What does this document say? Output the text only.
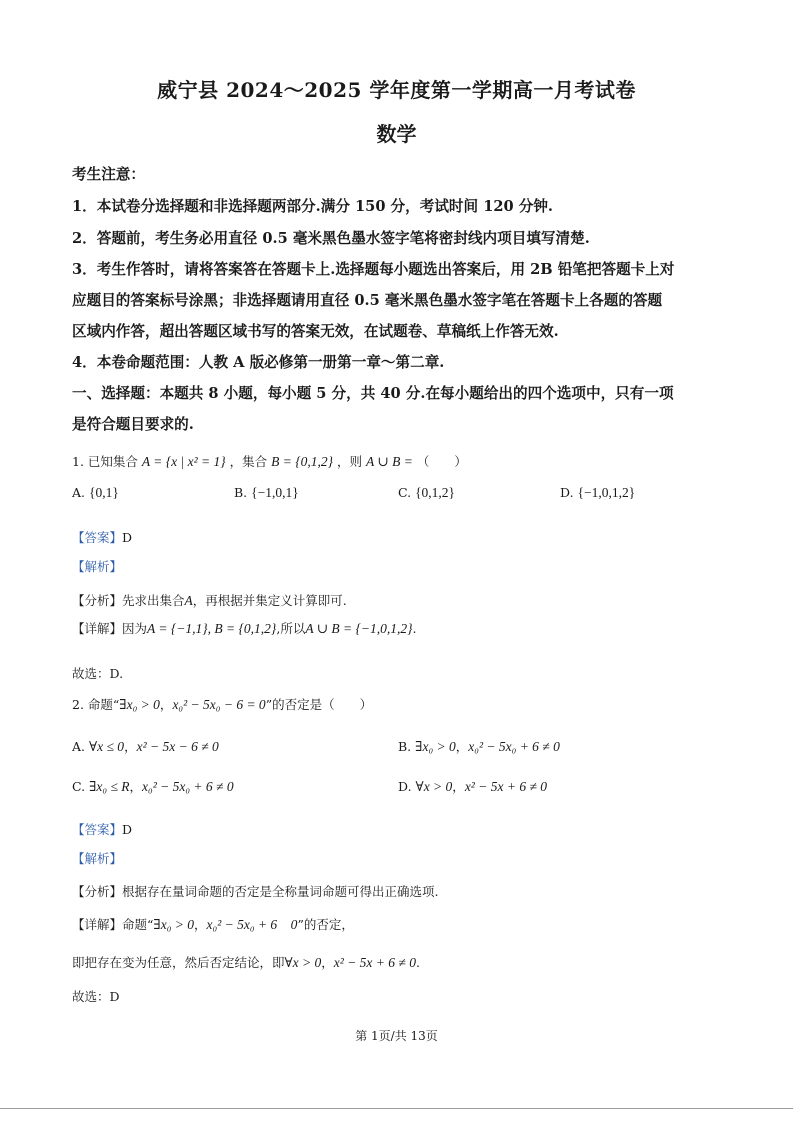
威宁县 2024～2025 学年度第一学期高一月考试卷
数学
考生注意：
1．本试卷分选择题和非选择题两部分.满分 150 分，考试时间 120 分钟.
2．答题前，考生务必用直径 0.5 毫米黑色墨水签字笔将密封线内项目填写清楚.
3．考生作答时，请将答案答在答题卡上.选择题每小题选出答案后，用 2B 铅笔把答题卡上对
应题目的答案标号涂黑；非选择题请用直径 0.5 毫米黑色墨水签字笔在答题卡上各题的答题
区域内作答，超出答题区域书写的答案无效，在试题卷、草稿纸上作答无效.
4．本卷命题范围：人教 A 版必修第一册第一章～第二章.
一、选择题：本题共 8 小题，每小题 5 分，共 40 分.在每小题给出的四个选项中，只有一项
是符合题目要求的.
1. 已知集合 A = {x | x² = 1} ，集合 B = {0,1,2} ，则 A ∪ B = （　　）
A. {0,1}	B. {−1,0,1}	C. {0,1,2}	D. {−1,0,1,2}
【答案】D
【解析】
【分析】先求出集合A，再根据并集定义计算即可.
【详解】因为A = {−1,1}, B = {0,1,2},所以A ∪ B = {−1,0,1,2}.
故选：D.
2. 命题“∃x₀ > 0，x₀² − 5x₀ − 6 = 0”的否定是（　　）
A. ∀x ≤ 0，x² − 5x − 6 ≠ 0	B. ∃x₀ > 0，x₀² − 5x₀ + 6 ≠ 0
C. ∃x₀ ≤ R，x₀² − 5x₀ + 6 ≠ 0	D. ∀x > 0，x² − 5x + 6 ≠ 0
【答案】D
【解析】
【分析】根据存在量词命题的否定是全称量词命题可得出正确选项.
【详解】命题“∃x₀ > 0，x₀² − 5x₀ + 6　0”的否定，
即把存在变为任意，然后否定结论，即∀x > 0，x² − 5x + 6 ≠ 0.
故选：D
第 1页/共 13页
